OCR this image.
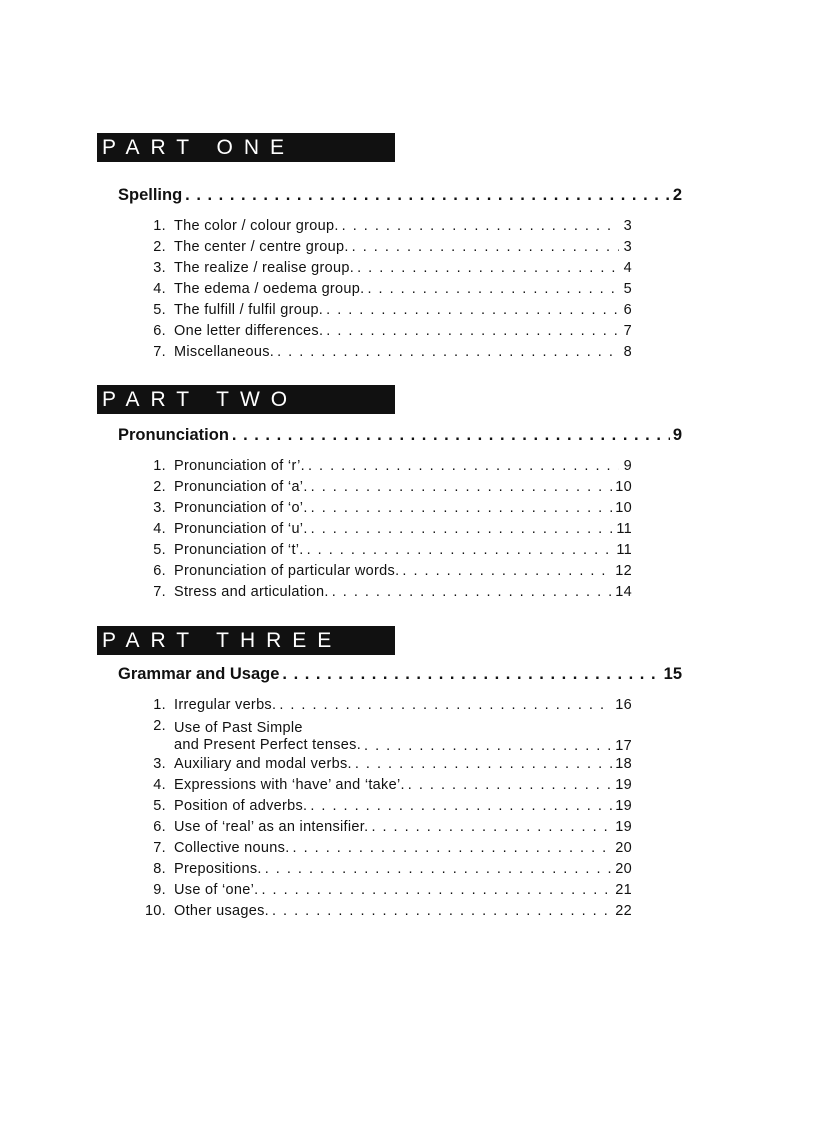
PART ONE
Spelling . . .	2
1. The color / colour group. . . .	3
2. The center / centre group. . . .	3
3. The realize / realise group. . . .	4
4. The edema / oedema group. . . .	5
5. The fulfill / fulfil group. . . .	6
6. One letter differences. . . .	7
7. Miscellaneous. . . .	8
PART TWO
Pronunciation . . .	9
1. Pronunciation of ‘r’. . . .	9
2. Pronunciation of ‘a’. . . .	10
3. Pronunciation of ‘o’. . . .	10
4. Pronunciation of ‘u’. . . .	11
5. Pronunciation of ‘t’. . . .	11
6. Pronunciation of particular words. . . .	12
7. Stress and articulation. . . .	14
PART THREE
Grammar and Usage . . .	15
1. Irregular verbs. . . .	16
2. Use of Past Simple
and Present Perfect tenses. . . .	17
3. Auxiliary and modal verbs. . . .	18
4. Expressions with ‘have’ and ‘take’. . . .	19
5. Position of adverbs. . . .	19
6. Use of ‘real’ as an intensifier. . . .	19
7. Collective nouns. . . .	20
8. Prepositions. . . .	20
9. Use of ‘one’. . . .	21
10. Other usages. . . .	22
